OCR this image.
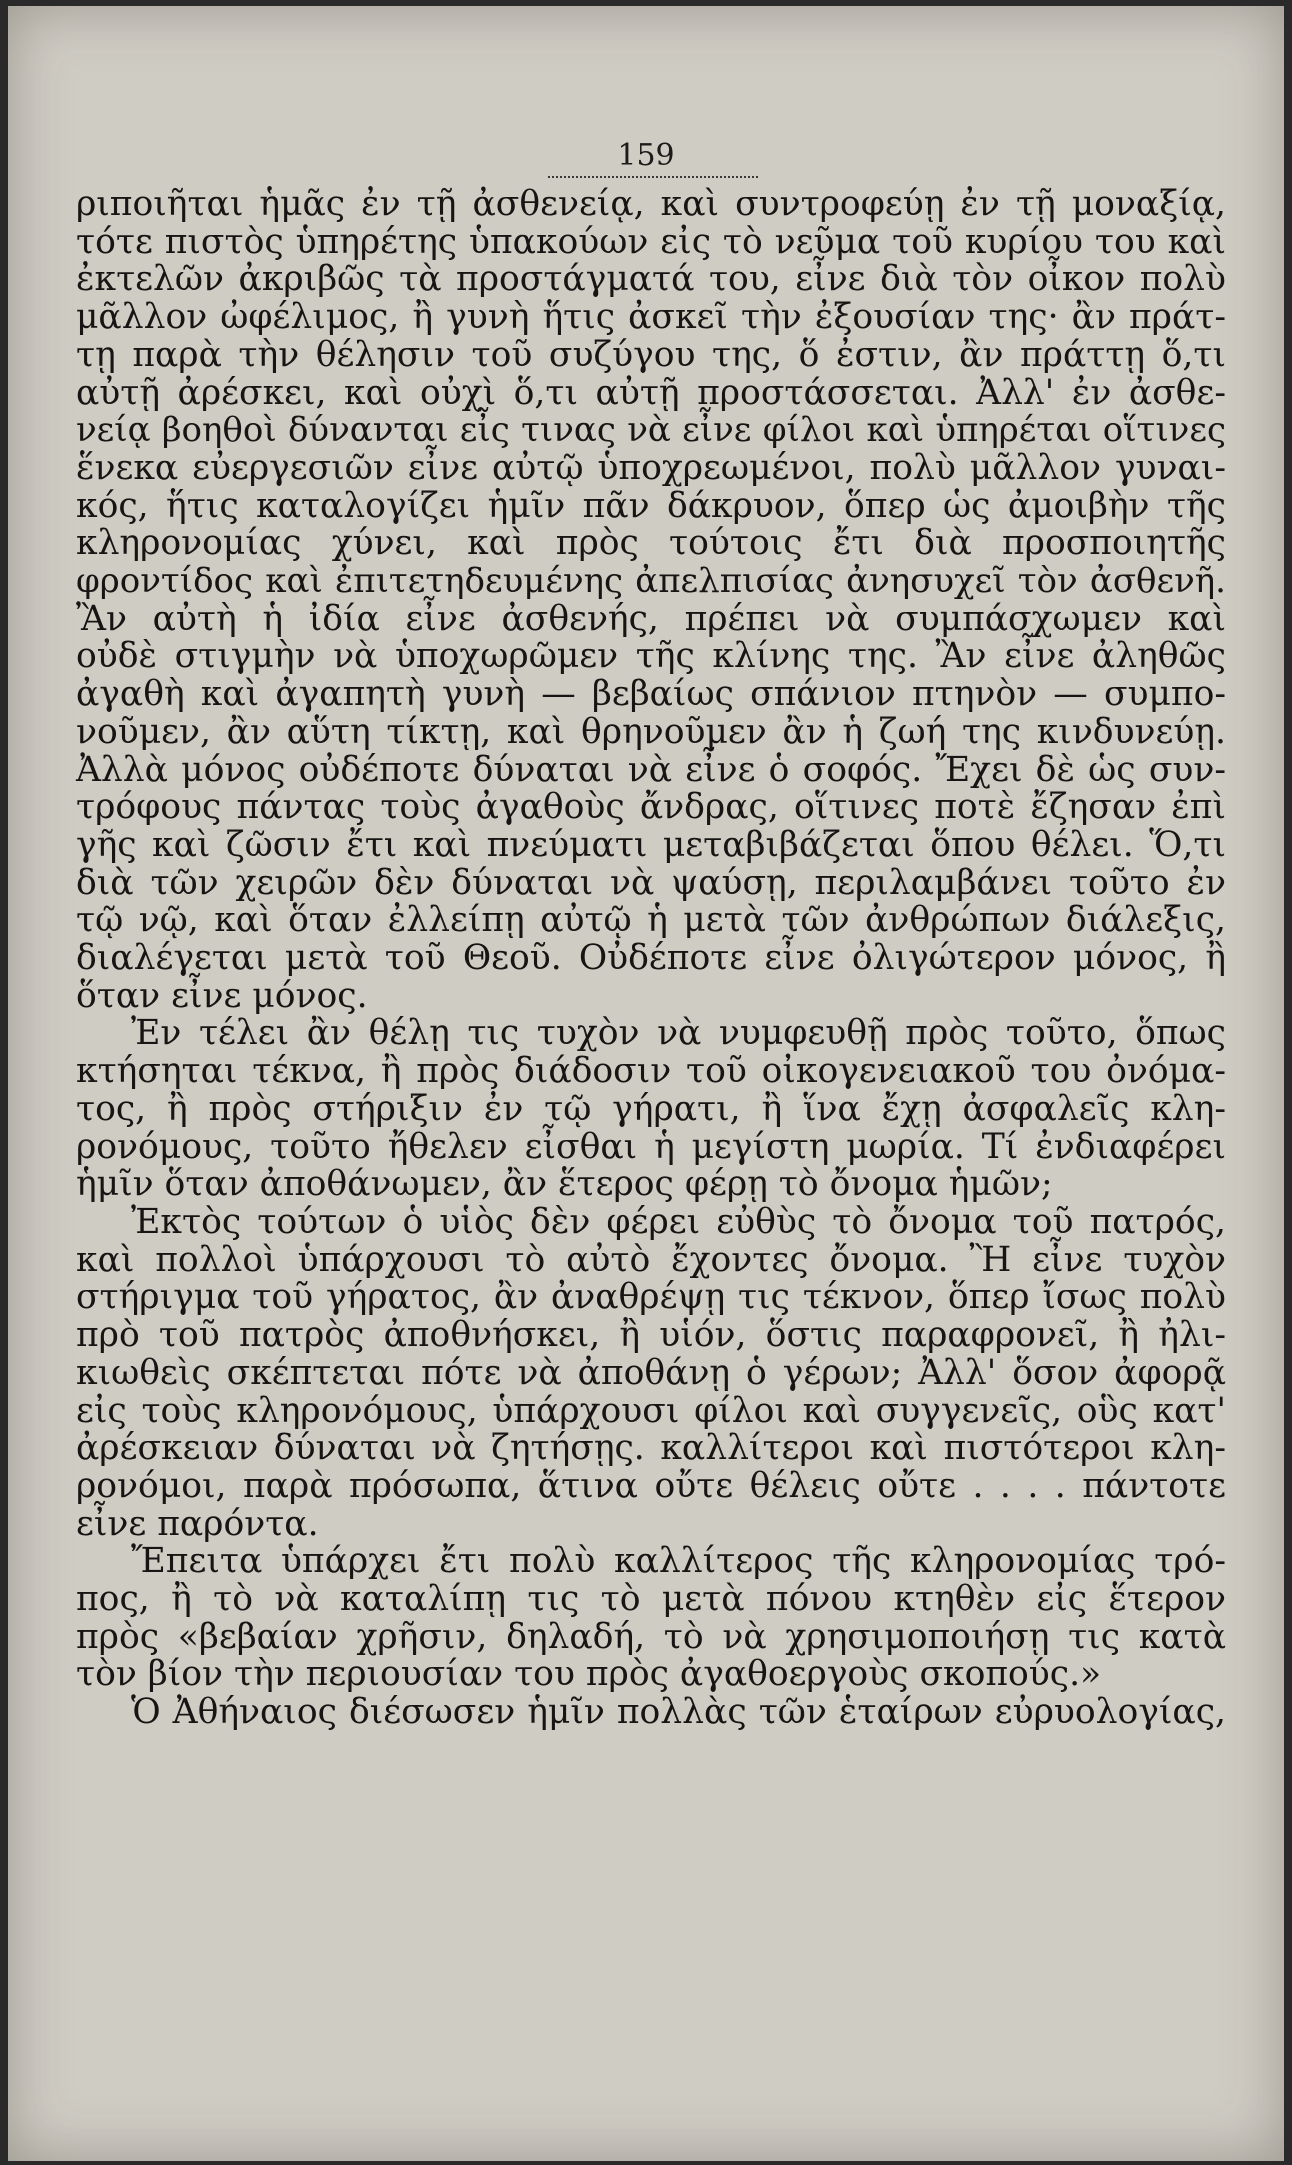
159
ριποιῆται ἡμᾶς ἐν τῇ ἀσθενείᾳ, καὶ συντροφεύῃ ἐν τῇ μοναξίᾳ,
τότε πιστὸς ὑπηρέτης ὑπακούων εἰς τὸ νεῦμα τοῦ κυρίου του καὶ
ἐκτελῶν ἀκριβῶς τὰ προστάγματά του, εἶνε διὰ τὸν οἶκον πολὺ
μᾶλλον ὠφέλιμος, ἢ γυνὴ ἥτις ἀσκεῖ τὴν ἐξουσίαν της· ἂν πράτ-
τῃ παρὰ τὴν θέλησιν τοῦ συζύγου της, ὅ ἐστιν, ἂν πράττῃ ὅ,τι
αὐτῇ ἀρέσκει, καὶ οὐχὶ ὅ,τι αὐτῇ προστάσσεται. Ἀλλ' ἐν ἀσθε-
νείᾳ βοηθοὶ δύνανται εἶς τινας νὰ εἶνε φίλοι καὶ ὑπηρέται οἵτινες
ἕνεκα εὐεργεσιῶν εἶνε αὐτῷ ὑποχρεωμένοι, πολὺ μᾶλλον γυναι-
κός, ἥτις καταλογίζει ἡμῖν πᾶν δάκρυον, ὅπερ ὡς ἀμοιβὴν τῆς
κληρονομίας χύνει, καὶ πρὸς τούτοις ἔτι διὰ προσποιητῆς
φροντίδος καὶ ἐπιτετηδευμένης ἀπελπισίας ἀνησυχεῖ τὸν ἀσθενῆ.
Ἂν αὐτὴ ἡ ἰδία εἶνε ἀσθενής, πρέπει νὰ συμπάσχωμεν καὶ
οὐδὲ στιγμὴν νὰ ὑποχωρῶμεν τῆς κλίνης της. Ἂν εἶνε ἀληθῶς
ἀγαθὴ καὶ ἀγαπητὴ γυνὴ — βεβαίως σπάνιον πτηνὸν — συμπο-
νοῦμεν, ἂν αὕτη τίκτῃ, καὶ θρηνοῦμεν ἂν ἡ ζωή της κινδυνεύῃ.
Ἀλλὰ μόνος οὐδέποτε δύναται νὰ εἶνε ὁ σοφός. Ἔχει δὲ ὡς συν-
τρόφους πάντας τοὺς ἀγαθοὺς ἄνδρας, οἵτινες ποτὲ ἔζησαν ἐπὶ
γῆς καὶ ζῶσιν ἔτι καὶ πνεύματι μεταβιβάζεται ὅπου θέλει. Ὅ,τι
διὰ τῶν χειρῶν δὲν δύναται νὰ ψαύσῃ, περιλαμβάνει τοῦτο ἐν
τῷ νῷ, καὶ ὅταν ἐλλείπῃ αὐτῷ ἡ μετὰ τῶν ἀνθρώπων διάλεξις,
διαλέγεται μετὰ τοῦ Θεοῦ. Οὐδέποτε εἶνε ὀλιγώτερον μόνος, ἢ
ὅταν εἶνε μόνος.
Ἐν τέλει ἂν θέλῃ τις τυχὸν νὰ νυμφευθῇ πρὸς τοῦτο, ὅπως
κτήσηται τέκνα, ἢ πρὸς διάδοσιν τοῦ οἰκογενειακοῦ του ὀνόμα-
τος, ἢ πρὸς στήριξιν ἐν τῷ γήρατι, ἢ ἵνα ἔχῃ ἀσφαλεῖς κλη-
ρονόμους, τοῦτο ἤθελεν εἶσθαι ἡ μεγίστη μωρία. Τί ἐνδιαφέρει
ἡμῖν ὅταν ἀποθάνωμεν, ἂν ἕτερος φέρῃ τὸ ὄνομα ἡμῶν;
Ἐκτὸς τούτων ὁ υἱὸς δὲν φέρει εὐθὺς τὸ ὄνομα τοῦ πατρός,
καὶ πολλοὶ ὑπάρχουσι τὸ αὐτὸ ἔχοντες ὄνομα. Ἢ εἶνε τυχὸν
στήριγμα τοῦ γήρατος, ἂν ἀναθρέψῃ τις τέκνον, ὅπερ ἴσως πολὺ
πρὸ τοῦ πατρὸς ἀποθνήσκει, ἢ υἱόν, ὅστις παραφρονεῖ, ἢ ἠλι-
κιωθεὶς σκέπτεται πότε νὰ ἀποθάνῃ ὁ γέρων; Ἀλλ' ὅσον ἀφορᾷ
εἰς τοὺς κληρονόμους, ὑπάρχουσι φίλοι καὶ συγγενεῖς, οὓς κατ'
ἀρέσκειαν δύναται νὰ ζητήσῃς. καλλίτεροι καὶ πιστότεροι κλη-
ρονόμοι, παρὰ πρόσωπα, ἅτινα οὔτε θέλεις οὔτε . . . . πάντοτε
εἶνε παρόντα.
Ἔπειτα ὑπάρχει ἔτι πολὺ καλλίτερος τῆς κληρονομίας τρό-
πος, ἢ τὸ νὰ καταλίπῃ τις τὸ μετὰ πόνου κτηθὲν εἰς ἕτερον
πρὸς «βεβαίαν χρῆσιν, δηλαδή, τὸ νὰ χρησιμοποιήσῃ τις κατὰ
τὸν βίον τὴν περιουσίαν του πρὸς ἀγαθοεργοὺς σκοπούς.»
Ὁ Ἀθήναιος διέσωσεν ἡμῖν πολλὰς τῶν ἑταίρων εὐρυολογίας,
